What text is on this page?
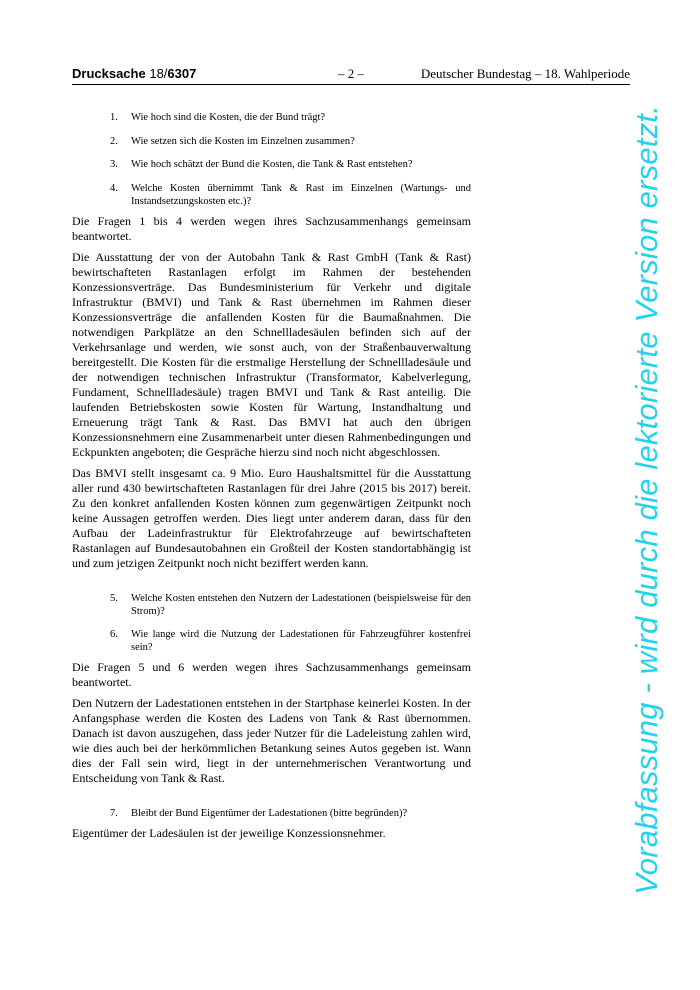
Drucksache 18/6307	– 2 –	Deutscher Bundestag – 18. Wahlperiode
1. Wie hoch sind die Kosten, die der Bund trägt?
2. Wie setzen sich die Kosten im Einzelnen zusammen?
3. Wie hoch schätzt der Bund die Kosten, die Tank & Rast entstehen?
4. Welche Kosten übernimmt Tank & Rast im Einzelnen (Wartungs- und Instandsetzungskosten etc.)?

Die Fragen 1 bis 4 werden wegen ihres Sachzusammenhangs gemeinsam beantwortet.

Die Ausstattung der von der Autobahn Tank & Rast GmbH (Tank & Rast) bewirtschafteten Rastanlagen erfolgt im Rahmen der bestehenden Konzessionsverträge. Das Bundesministerium für Verkehr und digitale Infrastruktur (BMVI) und Tank & Rast übernehmen im Rahmen dieser Konzessionsverträge die anfallenden Kosten für die Baumaßnahmen. Die notwendigen Parkplätze an den Schnellladesäulen befinden sich auf der Verkehrsanlage und werden, wie sonst auch, von der Straßenbauverwaltung bereitgestellt. Die Kosten für die erstmalige Herstellung der Schnellladesäule und der notwendigen technischen Infrastruktur (Transformator, Kabelverlegung, Fundament, Schnellladesäule) tragen BMVI und Tank & Rast anteilig. Die laufenden Betriebskosten sowie Kosten für Wartung, Instandhaltung und Erneuerung trägt Tank & Rast. Das BMVI hat auch den übrigen Konzessionsnehmern eine Zusammenarbeit unter diesen Rahmenbedingungen und Eckpunkten angeboten; die Gespräche hierzu sind noch nicht abgeschlossen.

Das BMVI stellt insgesamt ca. 9 Mio. Euro Haushaltsmittel für die Ausstattung aller rund 430 bewirtschafteten Rastanlagen für drei Jahre (2015 bis 2017) bereit. Zu den konkret anfallenden Kosten können zum gegenwärtigen Zeitpunkt noch keine Aussagen getroffen werden. Dies liegt unter anderem daran, dass für den Aufbau der Ladeinfrastruktur für Elektrofahrzeuge auf bewirtschafteten Rastanlagen auf Bundesautobahnen ein Großteil der Kosten standortabhängig ist und zum jetzigen Zeitpunkt noch nicht beziffert werden kann.

5. Welche Kosten entstehen den Nutzern der Ladestationen (beispielsweise für den Strom)?
6. Wie lange wird die Nutzung der Ladestationen für Fahrzeugführer kostenfrei sein?

Die Fragen 5 und 6 werden wegen ihres Sachzusammenhangs gemeinsam beantwortet.

Den Nutzern der Ladestationen entstehen in der Startphase keinerlei Kosten. In der Anfangsphase werden die Kosten des Ladens von Tank & Rast übernommen. Danach ist davon auszugehen, dass jeder Nutzer für die Ladeleistung zahlen wird, wie dies auch bei der herkömmlichen Betankung seines Autos gegeben ist. Wann dies der Fall sein wird, liegt in der unternehmerischen Verantwortung und Entscheidung von Tank & Rast.

7. Bleibt der Bund Eigentümer der Ladestationen (bitte begründen)?

Eigentümer der Ladesäulen ist der jeweilige Konzessionsnehmer.	Vorabfassung - wird durch die lektorierte Version ersetzt.
